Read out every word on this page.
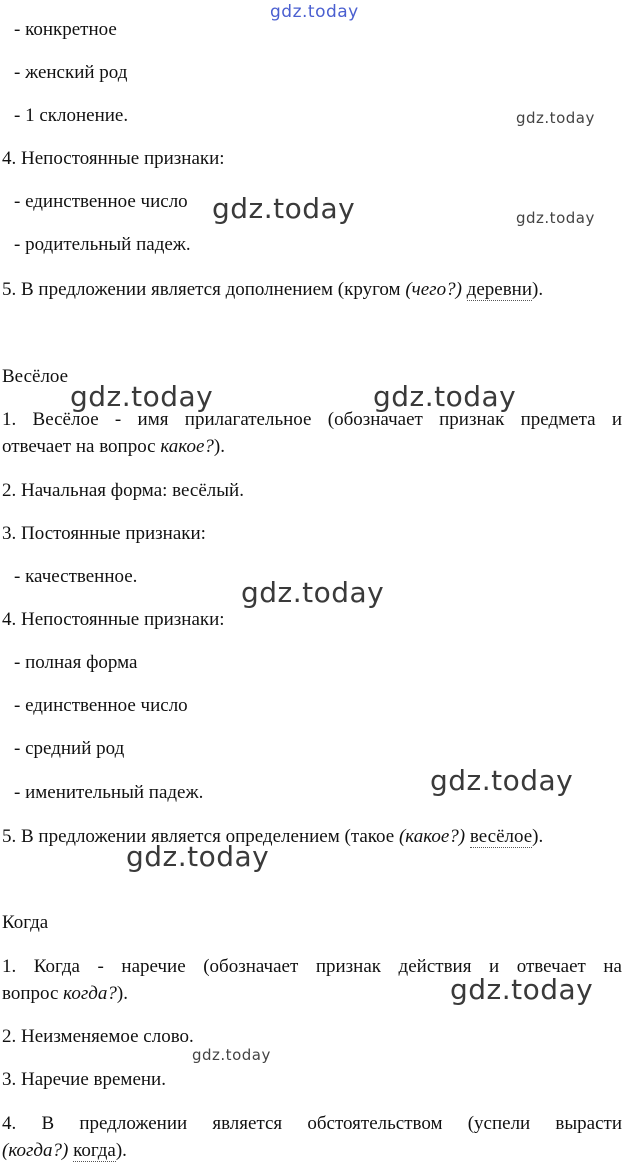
- конкретное
- женский род
- 1 склонение.
4. Непостоянные признаки:
- единственное число
- родительный падеж.
5. В предложении является дополнением (кругом (чего?) деревни).
Весёлое
1. Весёлое - имя прилагательное (обозначает признак предмета и
отвечает на вопрос какое?).
2. Начальная форма: весёлый.
3. Постоянные признаки:
- качественное.
4. Непостоянные признаки:
- полная форма
- единственное число
- средний род
- именительный падеж.
5. В предложении является определением (такое (какое?) весёлое).
Когда
1. Когда - наречие (обозначает признак действия и отвечает на
вопрос когда?).
2. Неизменяемое слово.
3. Наречие времени.
4. В предложении является обстоятельством (успели вырасти
(когда?) когда).
gdz.today
gdz.today
gdz.today	gdz.today
gdz.today	gdz.today
gdz.today
gdz.today
gdz.today
gdz.today
gdz.today
